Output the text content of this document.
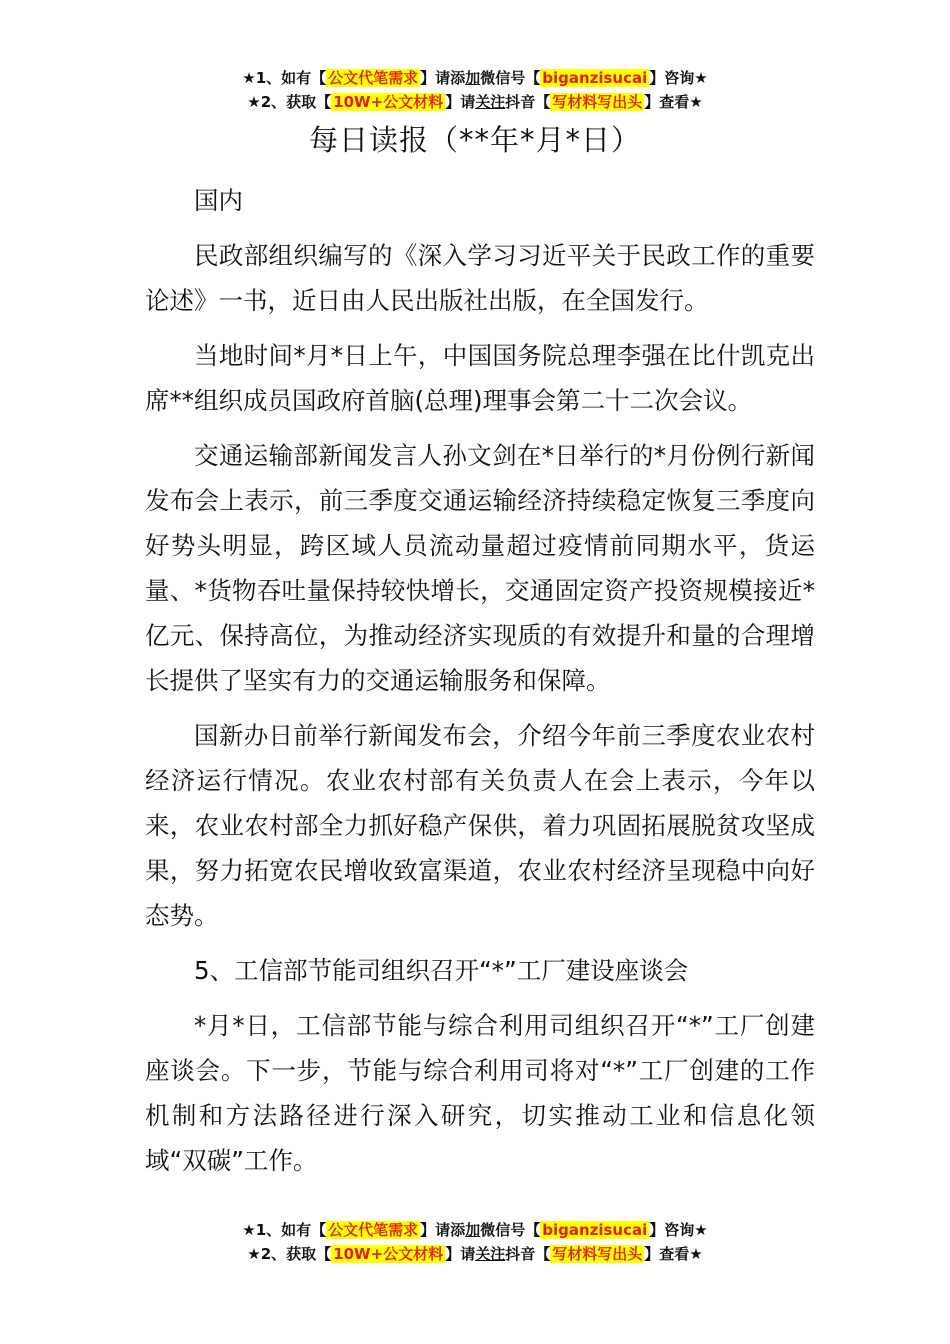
★1、如有【 公文代笔需求 】请添加微信号【 biganzisucai 】咨询★
★2、获取【 10W+公文材料 】请关注抖音【 写材料写出头 】查看★
每日读报（**年*月*日）

国内

民政部组织编写的《深入学习习近平关于民政工作的重要论述》一书，近日由人民出版社出版，在全国发行。

当地时间*月*日上午，中国国务院总理李强在比什凯克出席**组织成员国政府首脑(总理)理事会第二十二次会议。

交通运输部新闻发言人孙文剑在*日举行的*月份例行新闻发布会上表示，前三季度交通运输经济持续稳定恢复三季度向好势头明显，跨区域人员流动量超过疫情前同期水平，货运量、*货物吞吐量保持较快增长，交通固定资产投资规模接近*亿元、保持高位，为推动经济实现质的有效提升和量的合理增长提供了坚实有力的交通运输服务和保障。

国新办日前举行新闻发布会，介绍今年前三季度农业农村经济运行情况。农业农村部有关负责人在会上表示，今年以来，农业农村部全力抓好稳产保供，着力巩固拓展脱贫攻坚成果，努力拓宽农民增收致富渠道，农业农村经济呈现稳中向好态势。

5、工信部节能司组织召开“*”工厂建设座谈会

*月*日，工信部节能与综合利用司组织召开“*”工厂创建座谈会。下一步，节能与综合利用司将对“*”工厂创建的工作机制和方法路径进行深入研究，切实推动工业和信息化领域“双碳”工作。

★1、如有【 公文代笔需求 】请添加微信号【 biganzisucai 】咨询★
★2、获取【 10W+公文材料 】请关注抖音【 写材料写出头 】查看★
